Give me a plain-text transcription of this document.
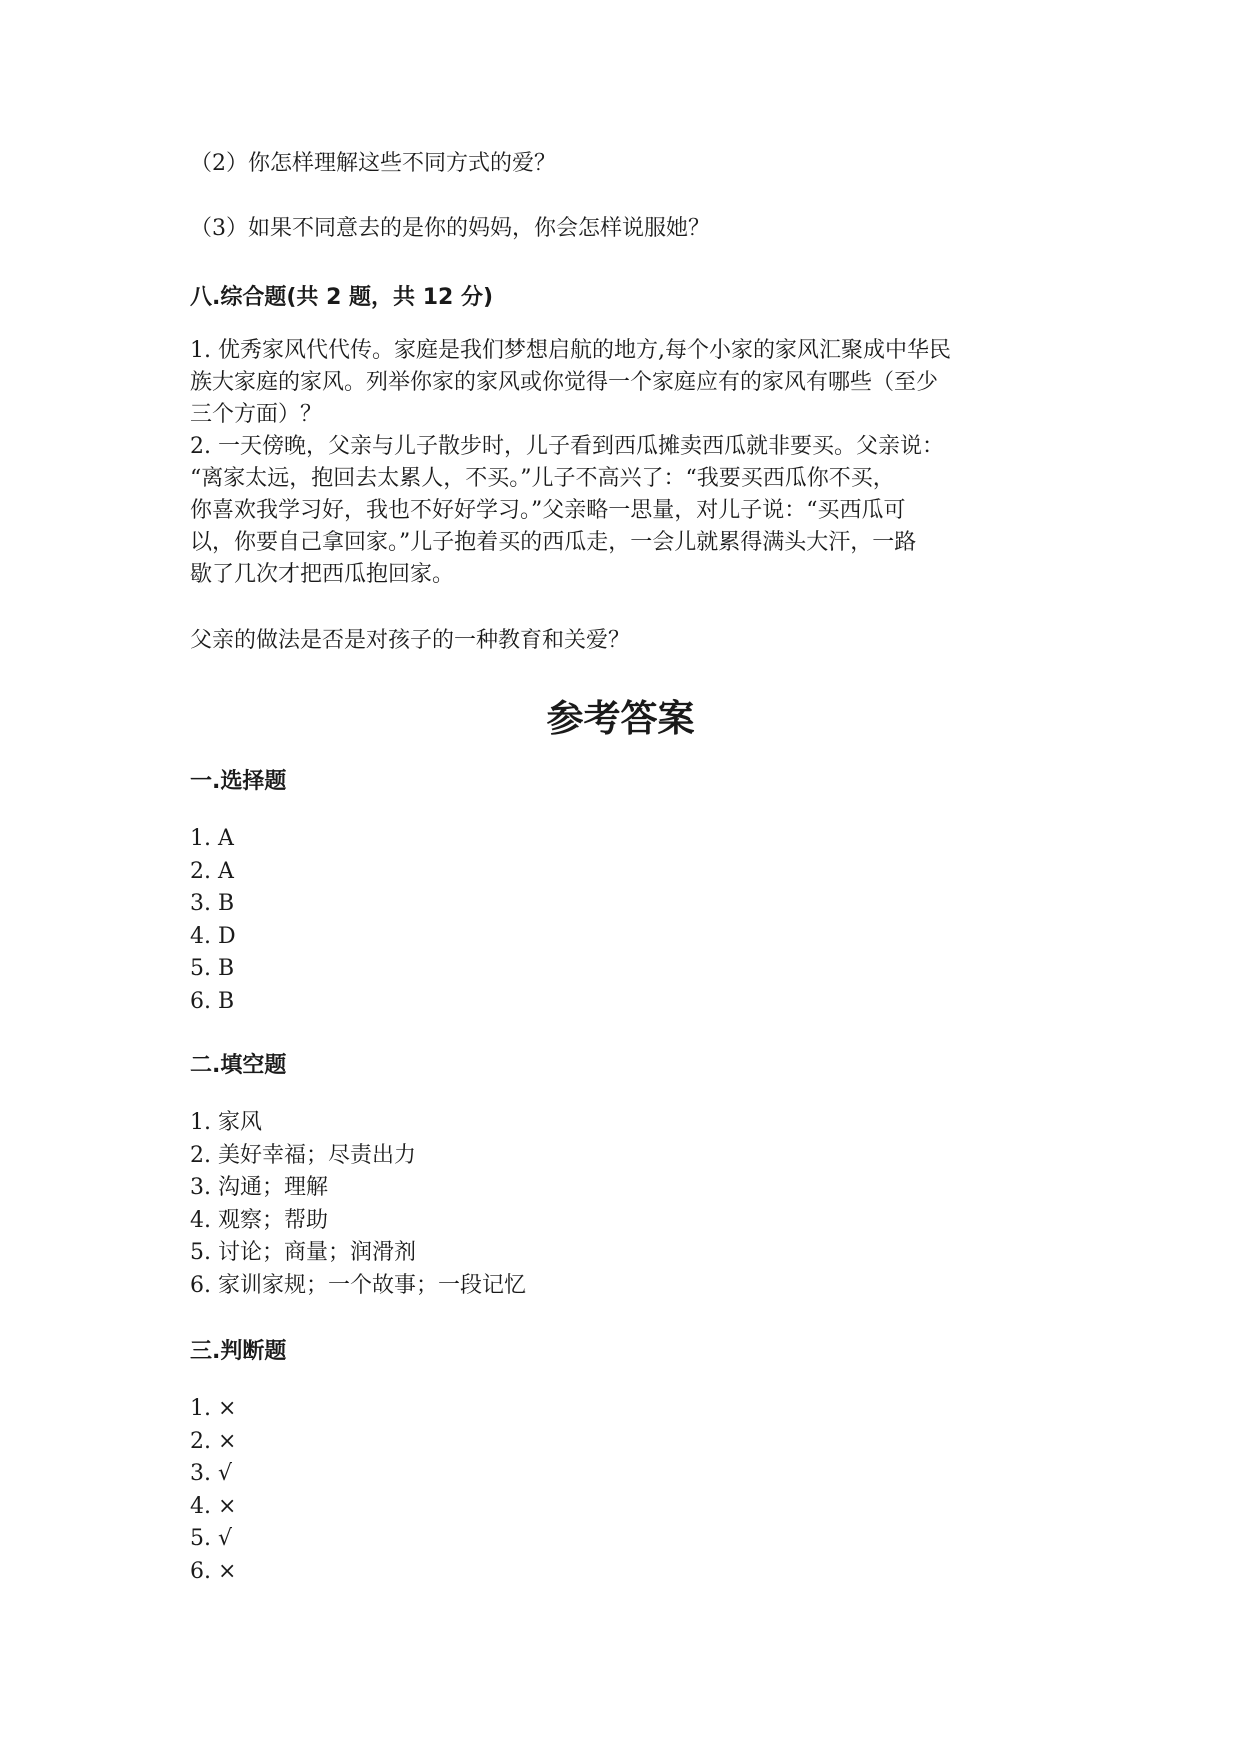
（2）你怎样理解这些不同方式的爱？
（3）如果不同意去的是你的妈妈，你会怎样说服她？
八.综合题(共 2 题，共 12 分)
1. 优秀家风代代传。家庭是我们梦想启航的地方,每个小家的家风汇聚成中华民
族大家庭的家风。列举你家的家风或你觉得一个家庭应有的家风有哪些（至少
三个方面）？
2. 一天傍晚，父亲与儿子散步时，儿子看到西瓜摊卖西瓜就非要买。父亲说：
“离家太远，抱回去太累人，不买。”儿子不高兴了：“我要买西瓜你不买，
你喜欢我学习好，我也不好好学习。”父亲略一思量，对儿子说：“买西瓜可
以，你要自己拿回家。”儿子抱着买的西瓜走，一会儿就累得满头大汗，一路
歇了几次才把西瓜抱回家。
父亲的做法是否是对孩子的一种教育和关爱？
参考答案
一.选择题
1. A
2. A
3. B
4. D
5. B
6. B
二.填空题
1. 家风
2. 美好幸福；尽责出力
3. 沟通；理解
4. 观察；帮助
5. 讨论；商量；润滑剂
6. 家训家规；一个故事；一段记忆
三.判断题
1. ×
2. ×
3. √
4. ×
5. √
6. ×
